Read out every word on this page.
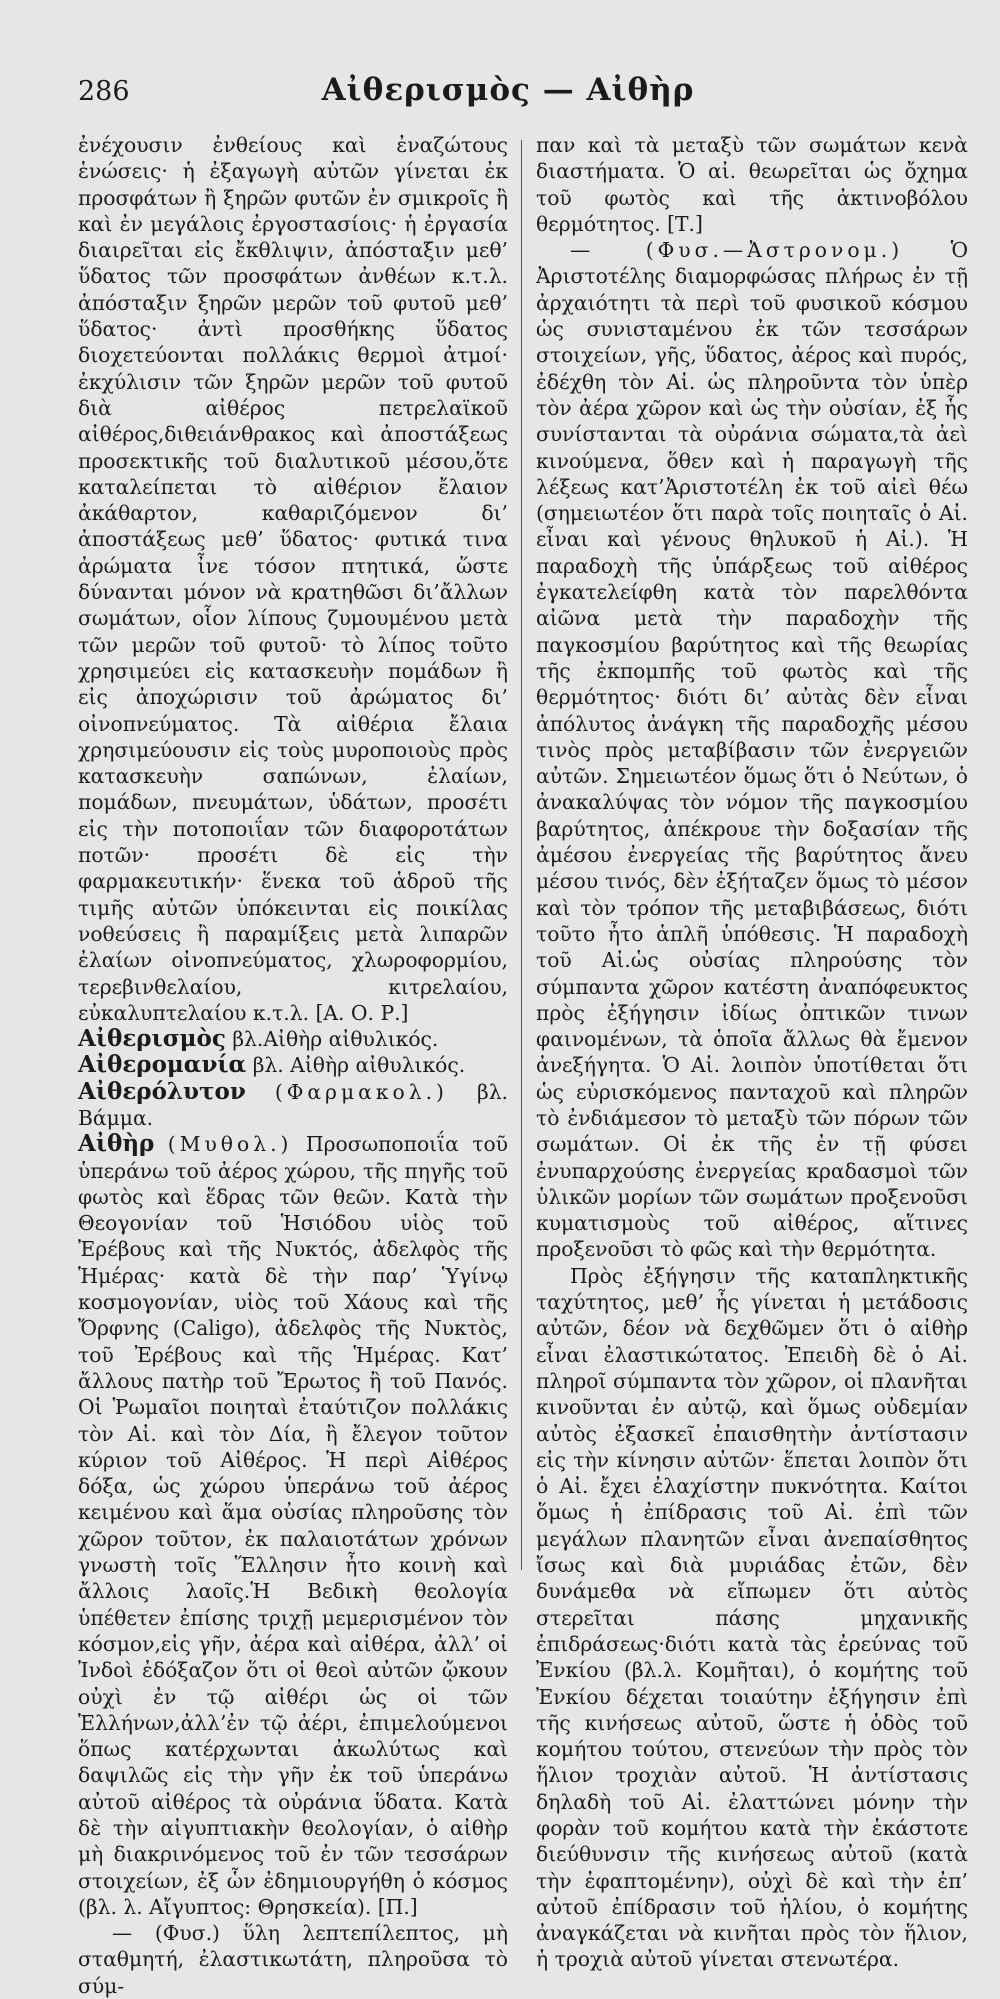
286	Αἰθερισμὸς — Αἰθὴρ

ἐνέχουσιν ἐνθείους καὶ ἐναζώτους ἑνώσεις· ἡ ἐξαγωγὴ αὐτῶν γίνεται ἐκ προσφάτων ἢ ξηρῶν φυτῶν ἐν σμικροῖς ἢ καὶ ἐν μεγάλοις ἐργοστασίοις· ἡ ἐργασία διαιρεῖται εἰς ἔκθλιψιν, ἀπόσταξιν μεθ’ ὕδατος τῶν προσφάτων ἀνθέων κ.τ.λ. ἀπόσταξιν ξηρῶν μερῶν τοῦ φυτοῦ μεθ’ ὕδατος· ἀντὶ προσθήκης ὕδατος διοχετεύονται πολλάκις θερμοὶ ἀτμοί· ἐκχύλισιν τῶν ξηρῶν μερῶν τοῦ φυτοῦ διὰ αἰθέρος πετρελαϊκοῦ αἰθέρος,διθειάνθρακος καὶ ἀποστάξεως προσεκτικῆς τοῦ διαλυτικοῦ μέσου,ὅτε καταλείπεται τὸ αἰθέριον ἔλαιον ἀκάθαρτον, καθαριζόμενον δι’ ἀποστάξεως μεθ’ ὕδατος· φυτικά τινα ἀρώματα ἶνε τόσον πτητικά, ὥστε δύνανται μόνον νὰ κρατηθῶσι δι’ἄλλων σωμάτων, οἷον λίπους ζυμουμένου μετὰ τῶν μερῶν τοῦ φυτοῦ· τὸ λίπος τοῦτο χρησιμεύει εἰς κατασκευὴν πομάδων ἢ εἰς ἀποχώρισιν τοῦ ἀρώματος δι’ οἰνοπνεύματος. Τὰ αἰθέρια ἔλαια χρησιμεύουσιν εἰς τοὺς μυροποιοὺς πρὸς κατασκευὴν σαπώνων, ἐλαίων, πομάδων, πνευμάτων, ὑδάτων, προσέτι εἰς τὴν ποτοποιΐαν τῶν διαφοροτάτων ποτῶν· προσέτι δὲ εἰς τὴν φαρμακευτικήν· ἕνεκα τοῦ ἁδροῦ τῆς τιμῆς αὐτῶν ὑπόκεινται εἰς ποικίλας νοθεύσεις ἢ παραμίξεις μετὰ λιπαρῶν ἐλαίων οἰνοπνεύματος, χλωροφορμίου, τερεβινθελαίου, κιτρελαίου, εὐκαλυπτελαίου κ.τ.λ. [Α. Ο. Ρ.]

Αἰθερισμὸς βλ.Αἰθὴρ αἰθυλικός.

Αἰθερομανία βλ. Αἰθὴρ αἰθυλικός.

Αἰθερόλυτον (Φαρμακολ.) βλ. Βάμμα.

Αἰθὴρ (Μυθολ.) Προσωποποιΐα τοῦ ὑπεράνω τοῦ ἀέρος χώρου, τῆς πηγῆς τοῦ φωτὸς καὶ ἕδρας τῶν θεῶν. Κατὰ τὴν Θεογονίαν τοῦ Ἡσιόδου υἱὸς τοῦ Ἐρέβους καὶ τῆς Νυκτός, ἀδελφὸς τῆς Ἡμέρας· κατὰ δὲ τὴν παρ’ Ὑγίνῳ κοσμογονίαν, υἱὸς τοῦ Χάους καὶ τῆς Ὄρφνης (Caligo), ἀδελφὸς τῆς Νυκτὸς, τοῦ Ἐρέβους καὶ τῆς Ἡμέρας. Κατ’ ἄλλους πατὴρ τοῦ Ἔρωτος ἢ τοῦ Πανός. Οἱ Ῥωμαῖοι ποιηταὶ ἐταύτιζον πολλάκις τὸν Αἰ. καὶ τὸν Δία, ἢ ἔλεγον τοῦτον κύριον τοῦ Αἰθέρος. Ἡ περὶ Αἰθέρος δόξα, ὡς χώρου ὑπεράνω τοῦ ἀέρος κειμένου καὶ ἅμα οὐσίας πληροῦσης τὸν χῶρον τοῦτον, ἐκ παλαιοτάτων χρόνων γνωστὴ τοῖς Ἕλλησιν ἦτο κοινὴ καὶ ἄλλοις λαοῖς.Ἡ Βεδικὴ θεολογία ὑπέθετεν ἐπίσης τριχῇ μεμερισμένον τὸν κόσμον,εἰς γῆν, ἀέρα καὶ αἰθέρα, ἀλλ’ οἱ Ἰνδοὶ ἐδόξαζον ὅτι οἱ θεοὶ αὐτῶν ᾤκουν οὐχὶ ἐν τῷ αἰθέρι ὡς οἱ τῶν Ἑλλήνων,ἀλλ’ἐν τῷ ἀέρι, ἐπιμελούμενοι ὅπως κατέρχωνται ἀκωλύτως καὶ δαψιλῶς εἰς τὴν γῆν ἐκ τοῦ ὑπεράνω αὐτοῦ αἰθέρος τὰ οὐράνια ὕδατα. Κατὰ δὲ τὴν αἰγυπτιακὴν θεολογίαν, ὁ αἰθὴρ μὴ διακρινόμενος τοῦ ἐν τῶν τεσσάρων στοιχείων, ἐξ ὧν ἐδημιουργήθη ὁ κόσμος (βλ. λ. Αἴγυπτος: Θρησκεία). [Π.]

— (Φυσ.) ὕλη λεπτεπίλεπτος, μὴ σταθμητή, ἐλαστικωτάτη, πληροῦσα τὸ σύμ-

παν καὶ τὰ μεταξὺ τῶν σωμάτων κενὰ διαστήματα. Ὁ αἰ. θεωρεῖται ὡς ὄχημα τοῦ φωτὸς καὶ τῆς ἀκτινοβόλου θερμότητος. [Τ.]

— (Φυσ.—Ἀστρονομ.) Ὁ Ἀριστοτέλης διαμορφώσας πλήρως ἐν τῇ ἀρχαιότητι τὰ περὶ τοῦ φυσικοῦ κόσμου ὡς συνισταμένου ἐκ τῶν τεσσάρων στοιχείων, γῆς, ὕδατος, ἀέρος καὶ πυρός, ἐδέχθη τὸν Αἰ. ὡς πληροῦντα τὸν ὑπὲρ τὸν ἀέρα χῶρον καὶ ὡς τὴν οὐσίαν, ἐξ ἧς συνίστανται τὰ οὐράνια σώματα,τὰ ἀεὶ κινούμενα, ὅθεν καὶ ἡ παραγωγὴ τῆς λέξεως κατ’Ἀριστοτέλη ἐκ τοῦ αἰεὶ θέω (σημειωτέον ὅτι παρὰ τοῖς ποιηταῖς ὁ Αἰ. εἶναι καὶ γένους θηλυκοῦ ἡ Αἰ.). Ἡ παραδοχὴ τῆς ὑπάρξεως τοῦ αἰθέρος ἐγκατελείφθη κατὰ τὸν παρελθόντα αἰῶνα μετὰ τὴν παραδοχὴν τῆς παγκοσμίου βαρύτητος καὶ τῆς θεωρίας τῆς ἐκπομπῆς τοῦ φωτὸς καὶ τῆς θερμότητος· διότι δι’ αὐτὰς δὲν εἶναι ἀπόλυτος ἀνάγκη τῆς παραδοχῆς μέσου τινὸς πρὸς μεταβίβασιν τῶν ἐνεργειῶν αὐτῶν. Σημειωτέον ὅμως ὅτι ὁ Νεύτων, ὁ ἀνακαλύψας τὸν νόμον τῆς παγκοσμίου βαρύτητος, ἀπέκρουε τὴν δοξασίαν τῆς ἀμέσου ἐνεργείας τῆς βαρύτητος ἄνευ μέσου τινός, δὲν ἐξήταζεν ὅμως τὸ μέσον καὶ τὸν τρόπον τῆς μεταβιβάσεως, διότι τοῦτο ἦτο ἁπλῆ ὑπόθεσις. Ἡ παραδοχὴ τοῦ Αἰ.ὡς οὐσίας πληρούσης τὸν σύμπαντα χῶρον κατέστη ἀναπόφευκτος πρὸς ἐξήγησιν ἰδίως ὀπτικῶν τινων φαινομένων, τὰ ὁποῖα ἄλλως θὰ ἔμενον ἀνεξήγητα. Ὁ Αἰ. λοιπὸν ὑποτίθεται ὅτι ὡς εὐρισκόμενος πανταχοῦ καὶ πληρῶν τὸ ἐνδιάμεσον τὸ μεταξὺ τῶν πόρων τῶν σωμάτων. Οἱ ἐκ τῆς ἐν τῇ φύσει ἐνυπαρχούσης ἐνεργείας κραδασμοὶ τῶν ὑλικῶν μορίων τῶν σωμάτων προξενοῦσι κυματισμοὺς τοῦ αἰθέρος, αἵτινες προξενοῦσι τὸ φῶς καὶ τὴν θερμότητα.

Πρὸς ἐξήγησιν τῆς καταπληκτικῆς ταχύτητος, μεθ’ ἧς γίνεται ἡ μετάδοσις αὐτῶν, δέον νὰ δεχθῶμεν ὅτι ὁ αἰθὴρ εἶναι ἐλαστικώτατος. Ἐπειδὴ δὲ ὁ Αἰ. πληροῖ σύμπαντα τὸν χῶρον, οἱ πλανῆται κινοῦνται ἐν αὐτῷ, καὶ ὅμως οὐδεμίαν αὐτὸς ἐξασκεῖ ἐπαισθητὴν ἀντίστασιν εἰς τὴν κίνησιν αὐτῶν· ἕπεται λοιπὸν ὅτι ὁ Αἰ. ἔχει ἐλαχίστην πυκνότητα. Καίτοι ὅμως ἡ ἐπίδρασις τοῦ Αἰ. ἐπὶ τῶν μεγάλων πλανητῶν εἶναι ἀνεπαίσθητος ἴσως καὶ διὰ μυριάδας ἐτῶν, δὲν δυνάμεθα νὰ εἴπωμεν ὅτι αὐτὸς στερεῖται πάσης μηχανικῆς ἐπιδράσεως·διότι κατὰ τὰς ἐρεύνας τοῦ Ἐνκίου (βλ.λ. Κομῆται), ὁ κομήτης τοῦ Ἐνκίου δέχεται τοιαύτην ἐξήγησιν ἐπὶ τῆς κινήσεως αὐτοῦ, ὥστε ἡ ὁδὸς τοῦ κομήτου τούτου, στενεύων τὴν πρὸς τὸν ἥλιον τροχιὰν αὐτοῦ. Ἡ ἀντίστασις δηλαδὴ τοῦ Αἰ. ἐλαττώνει μόνην τὴν φορὰν τοῦ κομήτου κατὰ τὴν ἑκάστοτε διεύθυνσιν τῆς κινήσεως αὐτοῦ (κατὰ τὴν ἐφαπτομένην), οὐχὶ δὲ καὶ τὴν ἐπ’ αὐτοῦ ἐπίδρασιν τοῦ ἡλίου, ὁ κομήτης ἀναγκάζεται νὰ κινῆται πρὸς τὸν ἥλιον, ἡ τροχιὰ αὐτοῦ γίνεται στενωτέρα.
